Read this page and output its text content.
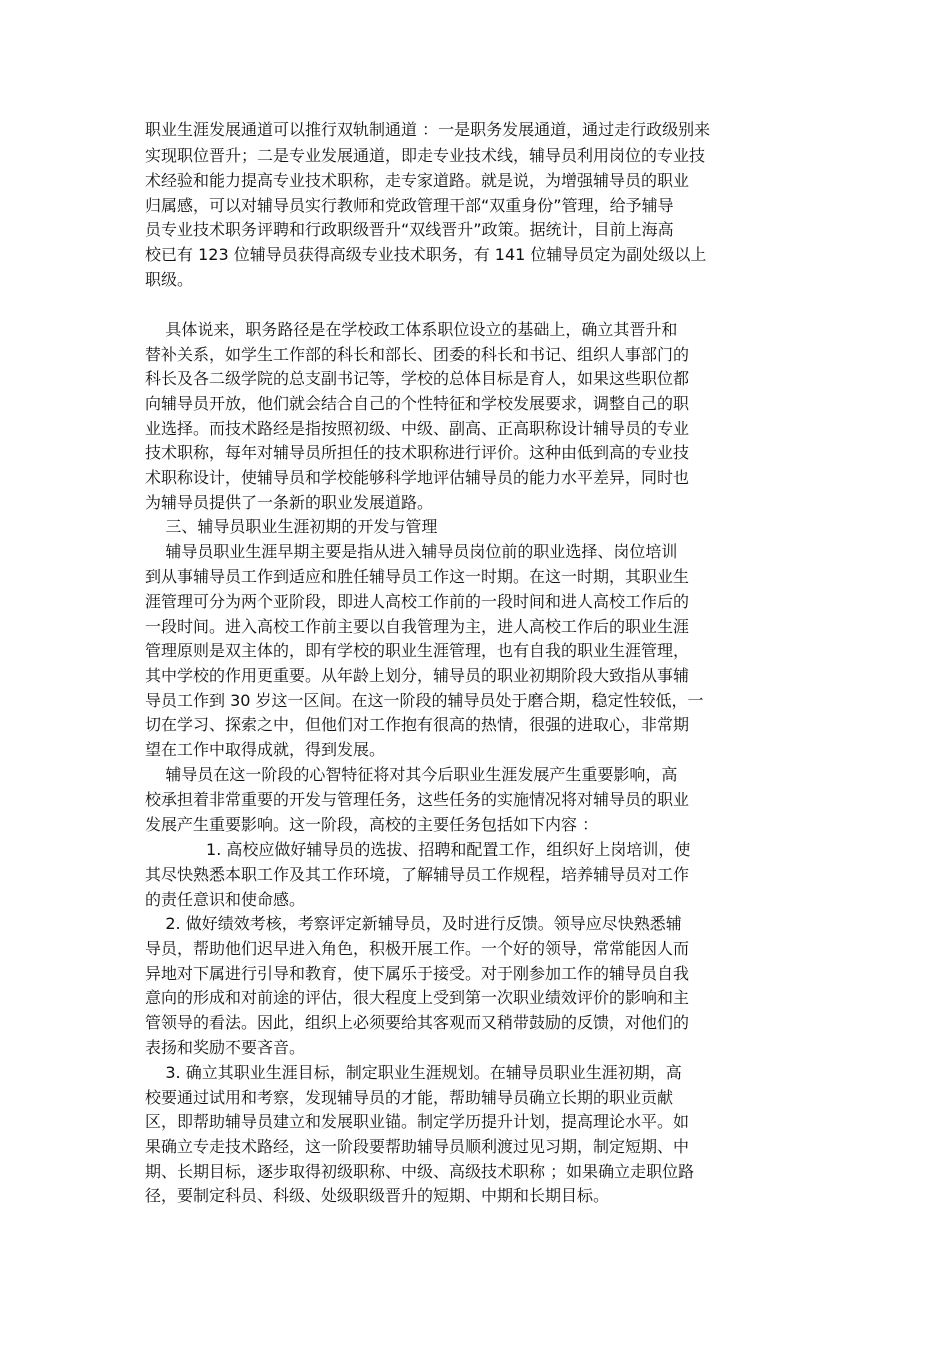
职业生涯发展通道可以推行双轨制通道 ：一是职务发展通道，通过走行政级别来
实现职位晋升；二是专业发展通道，即走专业技术线，辅导员利用岗位的专业技
术经验和能力提高专业技术职称，走专家道路。就是说，为增强辅导员的职业
归属感，可以对辅导员实行教师和党政管理干部“双重身份”管理，给予辅导
员专业技术职务评聘和行政职级晋升“双线晋升”政策。据统计，目前上海高
校已有 123 位辅导员获得高级专业技术职务，有 141 位辅导员定为副处级以上
职级。
具体说来，职务路径是在学校政工体系职位设立的基础上，确立其晋升和
替补关系，如学生工作部的科长和部长、团委的科长和书记、组织人事部门的
科长及各二级学院的总支副书记等，学校的总体目标是育人，如果这些职位都
向辅导员开放，他们就会结合自己的个性特征和学校发展要求，调整自己的职
业选择。而技术路经是指按照初级、中级、副高、正高职称设计辅导员的专业
技术职称，每年对辅导员所担任的技术职称进行评价。这种由低到高的专业技
术职称设计，使辅导员和学校能够科学地评估辅导员的能力水平差异，同时也
为辅导员提供了一条新的职业发展道路。
三、辅导员职业生涯初期的开发与管理
辅导员职业生涯早期主要是指从进入辅导员岗位前的职业选择、岗位培训
到从事辅导员工作到适应和胜任辅导员工作这一时期。在这一时期，其职业生
涯管理可分为两个亚阶段，即进人高校工作前的一段时间和进人高校工作后的
一段时间。进入高校工作前主要以自我管理为主，进人高校工作后的职业生涯
管理原则是双主体的，即有学校的职业生涯管理，也有自我的职业生涯管理，
其中学校的作用更重要。从年龄上划分，辅导员的职业初期阶段大致指从事辅
导员工作到 30 岁这一区间。在这一阶段的辅导员处于磨合期，稳定性较低，一
切在学习、探索之中，但他们对工作抱有很高的热情，很强的进取心，非常期
望在工作中取得成就，得到发展。
辅导员在这一阶段的心智特征将对其今后职业生涯发展产生重要影响，高
校承担着非常重要的开发与管理任务，这些任务的实施情况将对辅导员的职业
发展产生重要影响。这一阶段，高校的主要任务包括如下内容 ：
1. 高校应做好辅导员的选拔、招聘和配置工作，组织好上岗培训，使
其尽快熟悉本职工作及其工作环境，了解辅导员工作规程，培养辅导员对工作
的责任意识和使命感。
2. 做好绩效考核，考察评定新辅导员，及时进行反馈。领导应尽快熟悉辅
导员，帮助他们迟早进入角色，积极开展工作。一个好的领导，常常能因人而
异地对下属进行引导和教育，使下属乐于接受。对于刚参加工作的辅导员自我
意向的形成和对前途的评估，很大程度上受到第一次职业绩效评价的影响和主
管领导的看法。因此，组织上必须要给其客观而又稍带鼓励的反馈，对他们的
表扬和奖励不要吝音。
3. 确立其职业生涯目标，制定职业生涯规划。在辅导员职业生涯初期，高
校要通过试用和考察，发现辅导员的才能，帮助辅导员确立长期的职业贡献
区，即帮助辅导员建立和发展职业锚。制定学历提升计划，提高理论水平。如
果确立专走技术路经，这一阶段要帮助辅导员顺利渡过见习期，制定短期、中
期、长期目标，逐步取得初级职称、中级、高级技术职称 ；如果确立走职位路
径，要制定科员、科级、处级职级晋升的短期、中期和长期目标。
